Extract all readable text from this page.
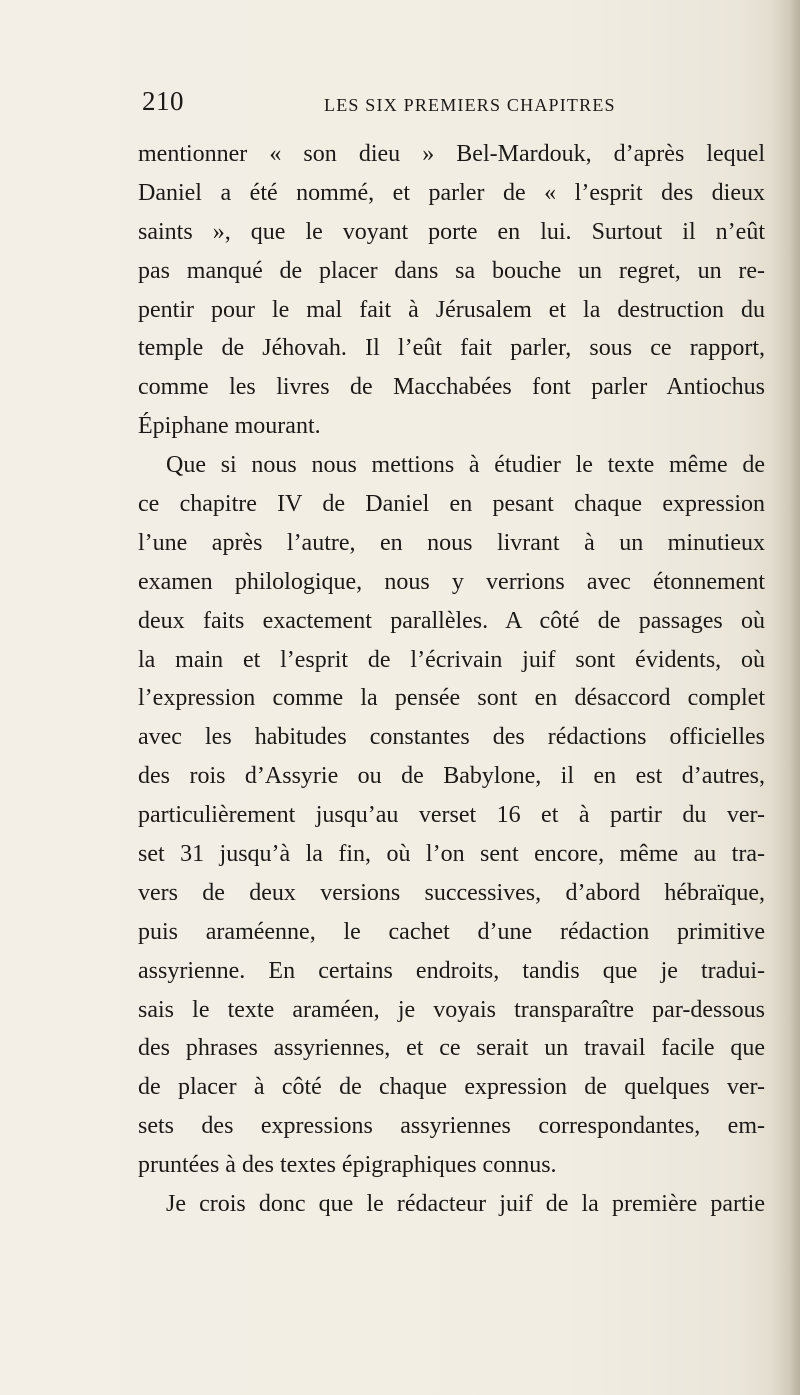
210	LES SIX PREMIERS CHAPITRES
mentionner « son dieu » Bel-Mardouk, d’après lequel
Daniel a été nommé, et parler de « l’esprit des dieux
saints », que le voyant porte en lui. Surtout il n’eût
pas manqué de placer dans sa bouche un regret, un re-
pentir pour le mal fait à Jérusalem et la destruction du
temple de Jéhovah. Il l’eût fait parler, sous ce rapport,
comme les livres de Macchabées font parler Antiochus
Épiphane mourant.
Que si nous nous mettions à étudier le texte même de
ce chapitre IV de Daniel en pesant chaque expression
l’une après l’autre, en nous livrant à un minutieux
examen philologique, nous y verrions avec étonnement
deux faits exactement parallèles. A côté de passages où
la main et l’esprit de l’écrivain juif sont évidents, où
l’expression comme la pensée sont en désaccord complet
avec les habitudes constantes des rédactions officielles
des rois d’Assyrie ou de Babylone, il en est d’autres,
particulièrement jusqu’au verset 16 et à partir du ver-
set 31 jusqu’à la fin, où l’on sent encore, même au tra-
vers de deux versions successives, d’abord hébraïque,
puis araméenne, le cachet d’une rédaction primitive
assyrienne. En certains endroits, tandis que je tradui-
sais le texte araméen, je voyais transparaître par-dessous
des phrases assyriennes, et ce serait un travail facile que
de placer à côté de chaque expression de quelques ver-
sets des expressions assyriennes correspondantes, em-
pruntées à des textes épigraphiques connus.
Je crois donc que le rédacteur juif de la première partie
